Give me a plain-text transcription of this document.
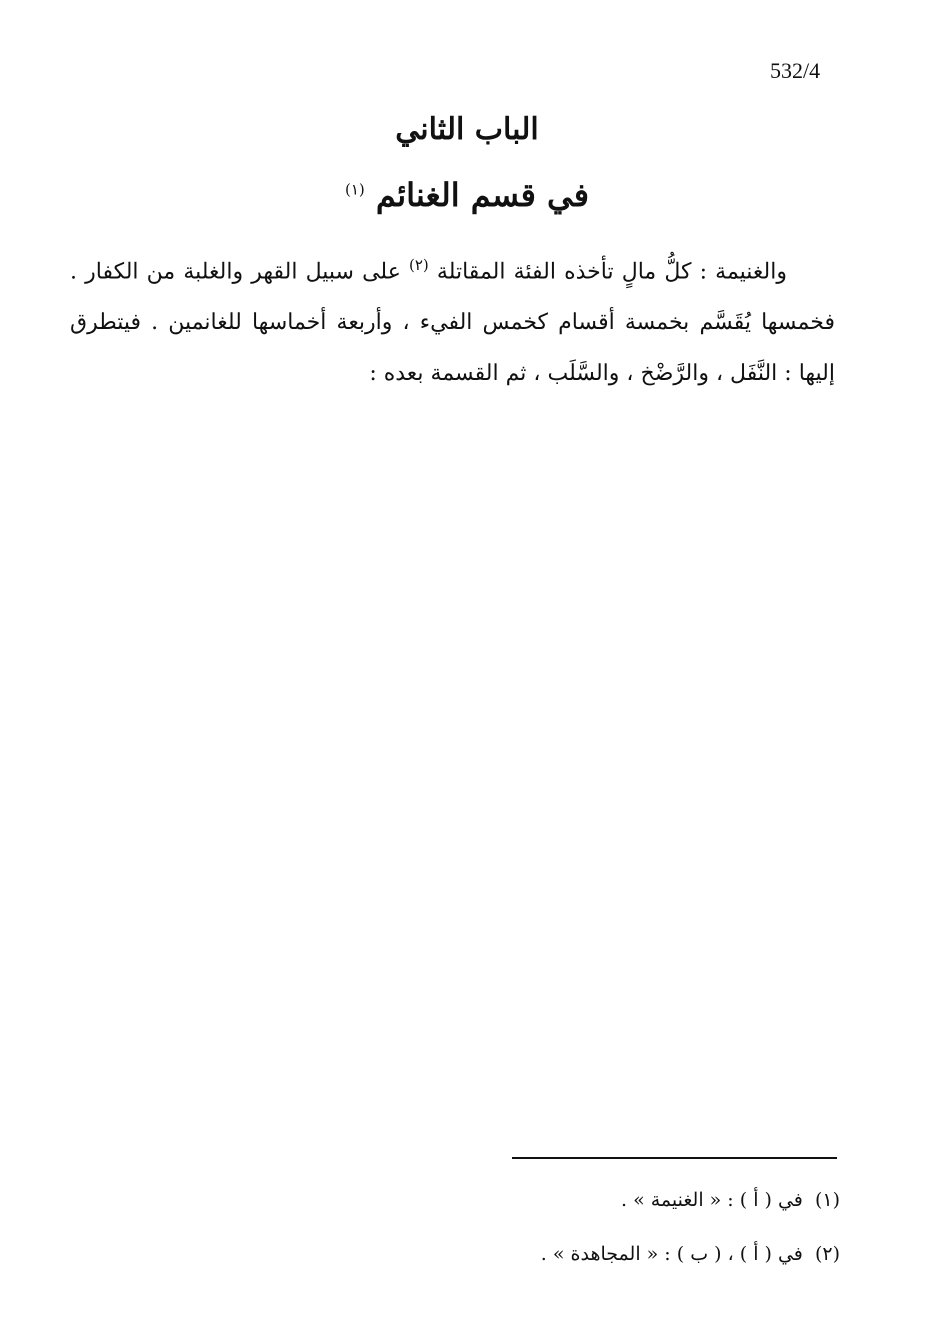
532/4
الباب الثاني
في قسم الغنائم $^{(١)}$

والغنيمة : كلُّ مالٍ تأخذه الفئة المقاتلة $^{(٢)}$ على سبيل القهر والغلبة من الكفار . فخمسها يُقَسَّم بخمسة أقسام كخمس الفيء ، وأربعة أخماسها للغانمين . فيتطرق إليها : النَّفَل ، والرَّضْخ ، والسَّلَب ، ثم القسمة بعده :

(١) في ( أ ) : « الغنيمة » .
(٢) في ( أ ) ، ( ب ) : « المجاهدة » .
